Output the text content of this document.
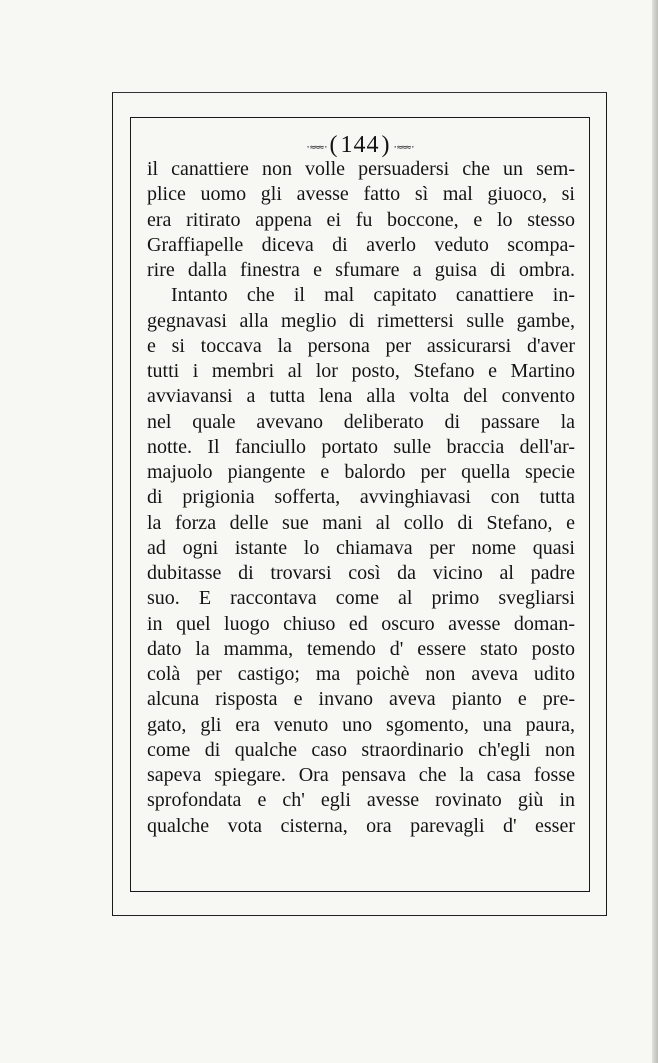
·≈≈≈· ( 144 ) ·≈≈≈·
il canattiere non volle persuadersi che un sem-
plice uomo gli avesse fatto sì mal giuoco, si
era ritirato appena ei fu boccone, e lo stesso
Graffiapelle diceva di averlo veduto scompa-
rire dalla finestra e sfumare a guisa di ombra.
Intanto che il mal capitato canattiere in-
gegnavasi alla meglio di rimettersi sulle gambe,
e si toccava la persona per assicurarsi d'aver
tutti i membri al lor posto, Stefano e Martino
avviavansi a tutta lena alla volta del convento
nel quale avevano deliberato di passare la
notte. Il fanciullo portato sulle braccia dell'ar-
majuolo piangente e balordo per quella specie
di prigionia sofferta, avvinghiavasi con tutta
la forza delle sue mani al collo di Stefano, e
ad ogni istante lo chiamava per nome quasi
dubitasse di trovarsi così da vicino al padre
suo. E raccontava come al primo svegliarsi
in quel luogo chiuso ed oscuro avesse doman-
dato la mamma, temendo d' essere stato posto
colà per castigo; ma poichè non aveva udito
alcuna risposta e invano aveva pianto e pre-
gato, gli era venuto uno sgomento, una paura,
come di qualche caso straordinario ch'egli non
sapeva spiegare. Ora pensava che la casa fosse
sprofondata e ch' egli avesse rovinato giù in
qualche vota cisterna, ora parevagli d' esser
